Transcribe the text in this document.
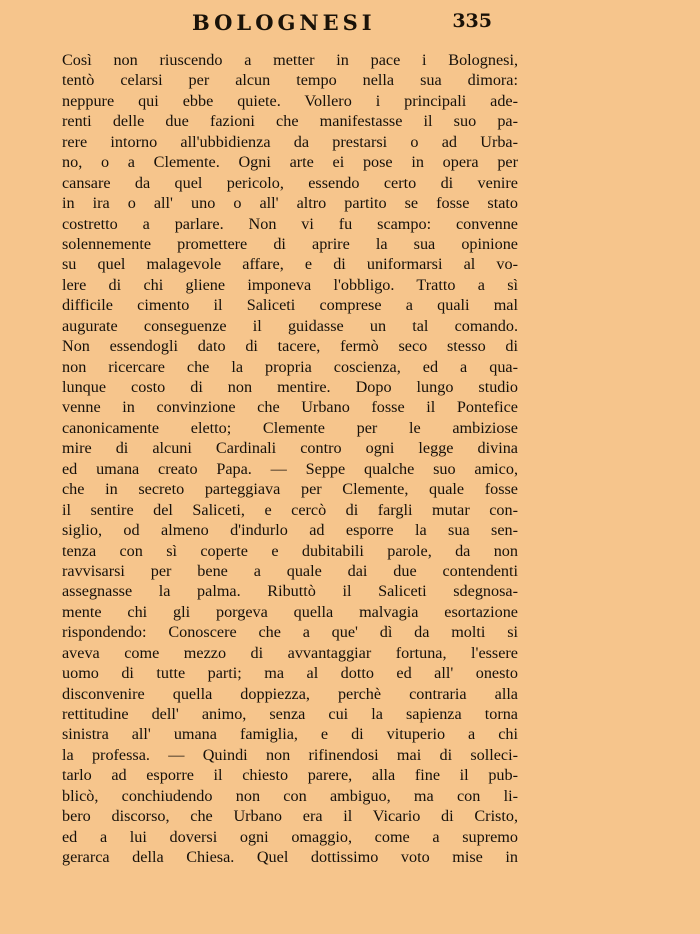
BOLOGNESI	335
Così non riuscendo a metter in pace i Bolognesi,
tentò celarsi per alcun tempo nella sua dimora:
neppure qui ebbe quiete. Vollero i principali ade-
renti delle due fazioni che manifestasse il suo pa-
rere intorno all'ubbidienza da prestarsi o ad Urba-
no, o a Clemente. Ogni arte ei pose in opera per
cansare da quel pericolo, essendo certo di venire
in ira o all' uno o all' altro partito se fosse stato
costretto a parlare. Non vi fu scampo: convenne
solennemente promettere di aprire la sua opinione
su quel malagevole affare, e di uniformarsi al vo-
lere di chi gliene imponeva l'obbligo. Tratto a sì
difficile cimento il Saliceti comprese a quali mal
augurate conseguenze il guidasse un tal comando.
Non essendogli dato di tacere, fermò seco stesso di
non ricercare che la propria coscienza, ed a qua-
lunque costo di non mentire. Dopo lungo studio
venne in convinzione che Urbano fosse il Pontefice
canonicamente eletto; Clemente per le ambiziose
mire di alcuni Cardinali contro ogni legge divina
ed umana creato Papa. — Seppe qualche suo amico,
che in secreto parteggiava per Clemente, quale fosse
il sentire del Saliceti, e cercò di fargli mutar con-
siglio, od almeno d'indurlo ad esporre la sua sen-
tenza con sì coperte e dubitabili parole, da non
ravvisarsi per bene a quale dai due contendenti
assegnasse la palma. Ributtò il Saliceti sdegnosa-
mente chi gli porgeva quella malvagia esortazione
rispondendo: Conoscere che a que' dì da molti si
aveva come mezzo di avvantaggiar fortuna, l'essere
uomo di tutte parti; ma al dotto ed all' onesto
disconvenire quella doppiezza, perchè contraria alla
rettitudine dell' animo, senza cui la sapienza torna
sinistra all' umana famiglia, e di vituperio a chi
la professa. — Quindi non rifinendosi mai di sollеci-
tarlo ad esporre il chiesto parere, alla fine il pub-
blicò, conchiudendo non con ambiguo, ma con li-
bero discorso, che Urbano era il Vicario di Cristo,
ed a lui doversi ogni omaggio, come a supremo
gerarca della Chiesa. Quel dottissimo voto mise in
